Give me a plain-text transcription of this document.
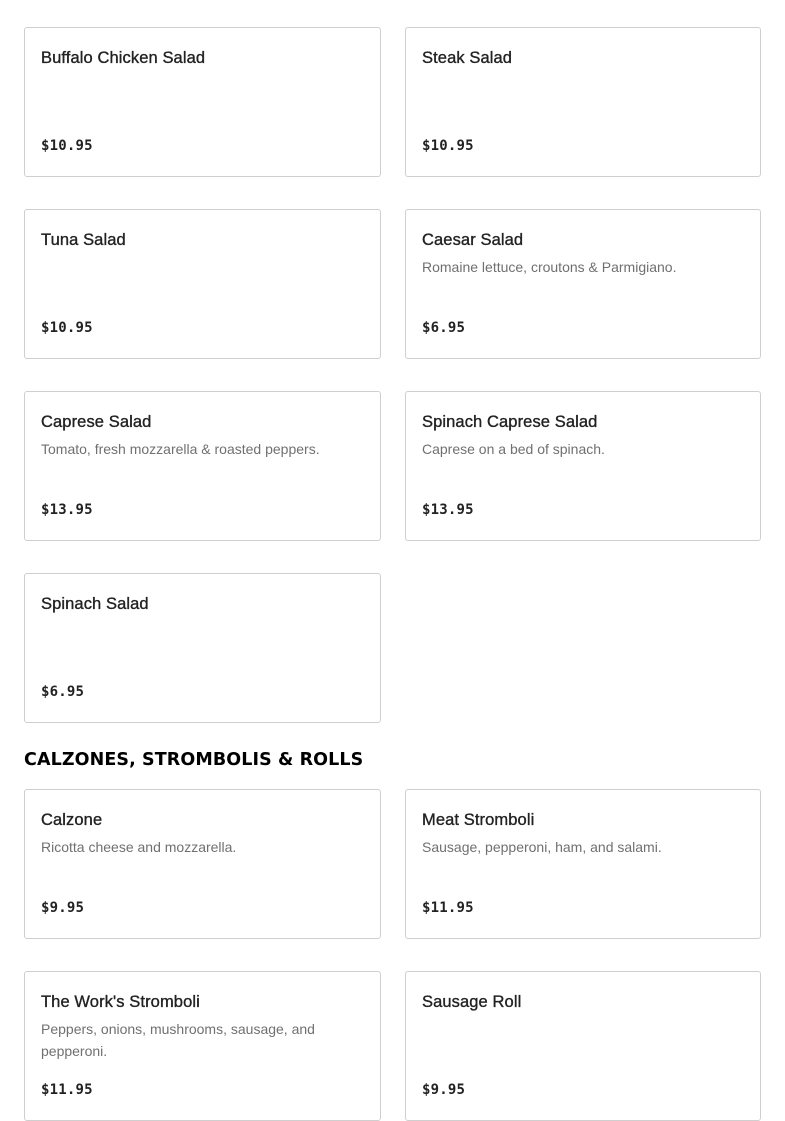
Buffalo Chicken Salad
$10.95
Steak Salad
$10.95
Tuna Salad
$10.95
Caesar Salad
Romaine lettuce, croutons & Parmigiano.
$6.95
Caprese Salad
Tomato, fresh mozzarella & roasted peppers.
$13.95
Spinach Caprese Salad
Caprese on a bed of spinach.
$13.95
Spinach Salad
$6.95
CALZONES, STROMBOLIS & ROLLS
Calzone
Ricotta cheese and mozzarella.
$9.95
Meat Stromboli
Sausage, pepperoni, ham, and salami.
$11.95
The Work's Stromboli
Peppers, onions, mushrooms, sausage, and pepperoni.
$11.95
Sausage Roll
$9.95
